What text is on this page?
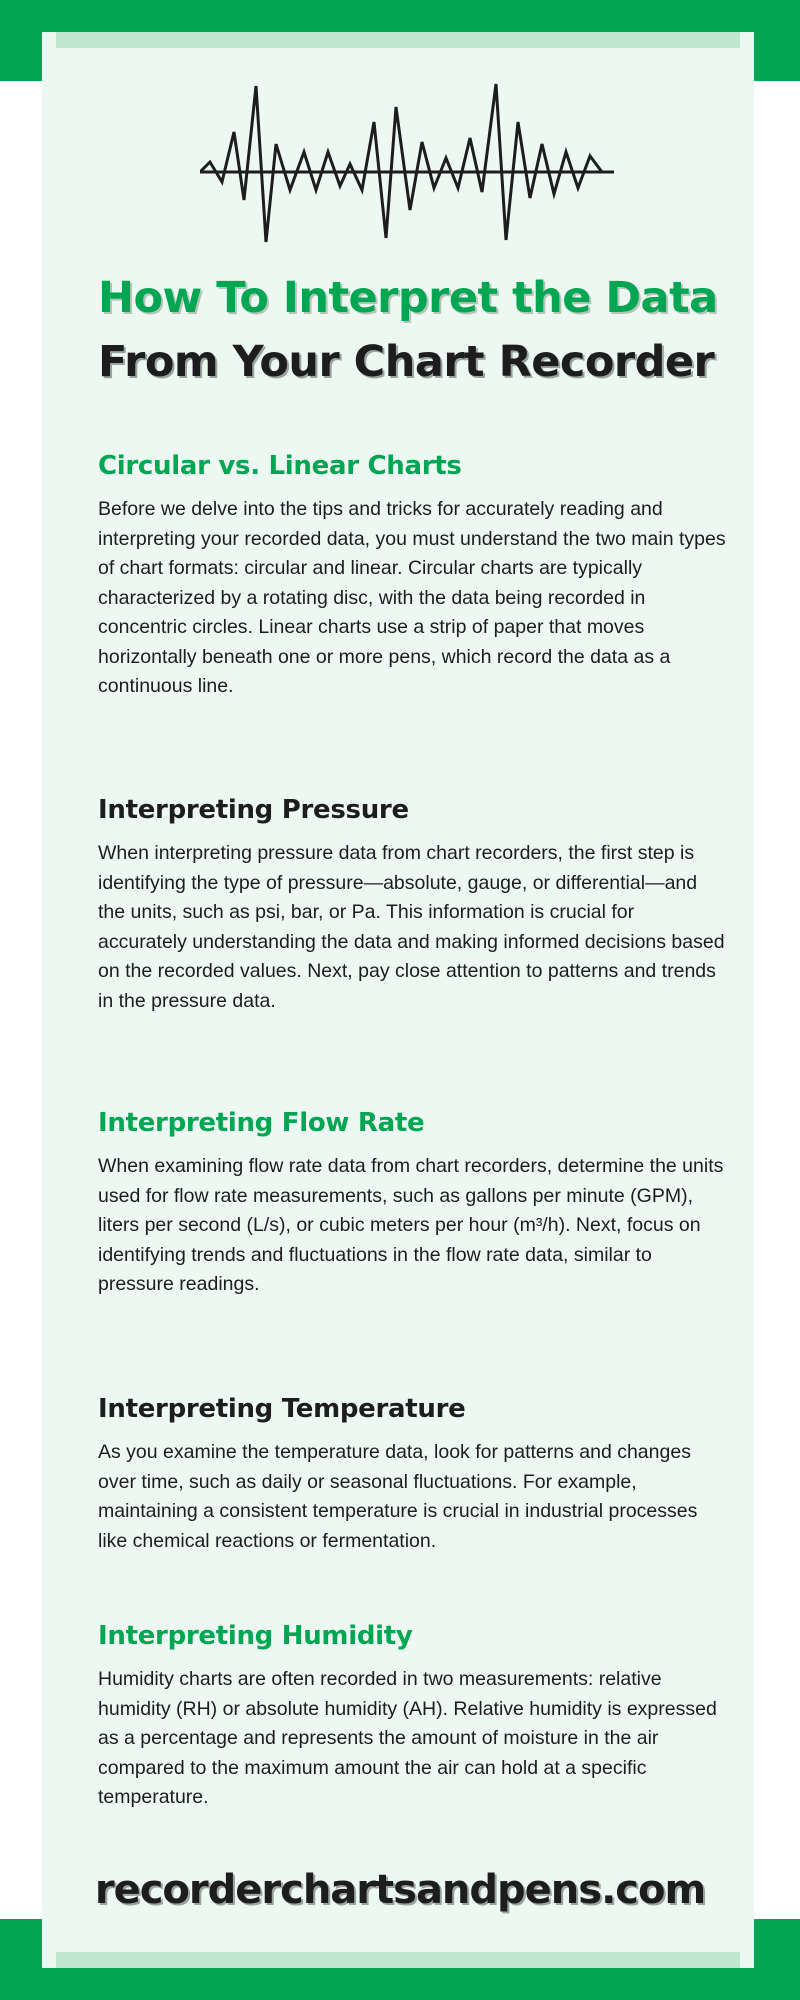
How To Interpret the Data
From Your Chart Recorder
Circular vs. Linear Charts

Before we delve into the tips and tricks for accurately reading and interpreting your recorded data, you must understand the two main types of chart formats: circular and linear. Circular charts are typically characterized by a rotating disc, with the data being recorded in concentric circles. Linear charts use a strip of paper that moves horizontally beneath one or more pens, which record the data as a continuous line.

Interpreting Pressure

When interpreting pressure data from chart recorders, the first step is identifying the type of pressure—absolute, gauge, or differential—and the units, such as psi, bar, or Pa. This information is crucial for accurately understanding the data and making informed decisions based on the recorded values. Next, pay close attention to patterns and trends in the pressure data.

Interpreting Flow Rate

When examining flow rate data from chart recorders, determine the units used for flow rate measurements, such as gallons per minute (GPM), liters per second (L/s), or cubic meters per hour (m³/h). Next, focus on identifying trends and fluctuations in the flow rate data, similar to pressure readings.

Interpreting Temperature

As you examine the temperature data, look for patterns and changes over time, such as daily or seasonal fluctuations. For example, maintaining a consistent temperature is crucial in industrial processes like chemical reactions or fermentation.

Interpreting Humidity

Humidity charts are often recorded in two measurements: relative humidity (RH) or absolute humidity (AH). Relative humidity is expressed as a percentage and represents the amount of moisture in the air compared to the maximum amount the air can hold at a specific temperature.

recorderchartsandpens.com
